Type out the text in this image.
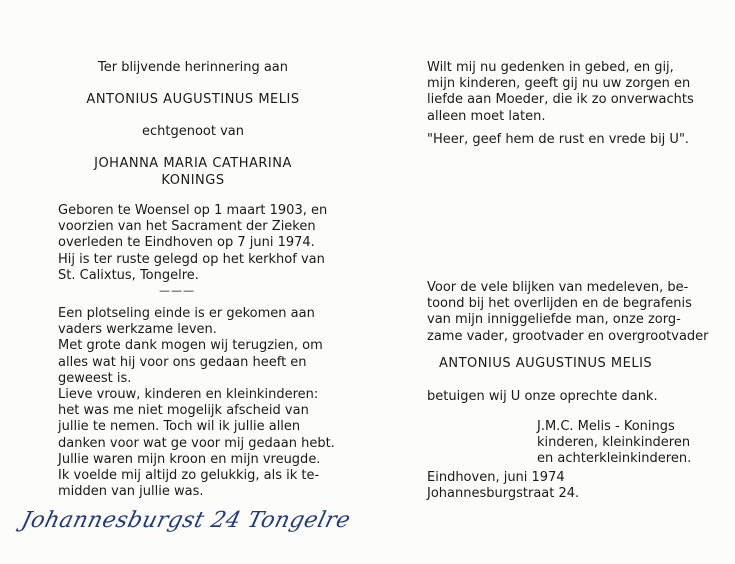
Ter blijvende herinnering aan
ANTONIUS AUGUSTINUS MELIS
echtgenoot van
JOHANNA MARIA CATHARINA
KONINGS
Geboren te Woensel op 1 maart 1903, en
voorzien van het Sacrament der Zieken
overleden te Eindhoven op 7 juni 1974.
Hij is ter ruste gelegd op het kerkhof van
St. Calixtus, Tongelre.
———
Een plotseling einde is er gekomen aan
vaders werkzame leven.
Met grote dank mogen wij terugzien, om
alles wat hij voor ons gedaan heeft en
geweest is.
Lieve vrouw, kinderen en kleinkinderen:
het was me niet mogelijk afscheid van
jullie te nemen. Toch wil ik jullie allen
danken voor wat ge voor mij gedaan hebt.
Jullie waren mijn kroon en mijn vreugde.
Ik voelde mij altijd zo gelukkig, als ik te-
midden van jullie was.
Johannesburgst 24 Tongelre
Wilt mij nu gedenken in gebed, en gij,
mijn kinderen, geeft gij nu uw zorgen en
liefde aan Moeder, die ik zo onverwachts
alleen moet laten.
"Heer, geef hem de rust en vrede bij U".
Voor de vele blijken van medeleven, be-
toond bij het overlijden en de begrafenis
van mijn inniggeliefde man, onze zorg-
zame vader, grootvader en overgrootvader
ANTONIUS AUGUSTINUS MELIS
betuigen wij U onze oprechte dank.
J.M.C. Melis - Konings
kinderen, kleinkinderen
en achterkleinkinderen.
Eindhoven, juni 1974
Johannesburgstraat 24.
